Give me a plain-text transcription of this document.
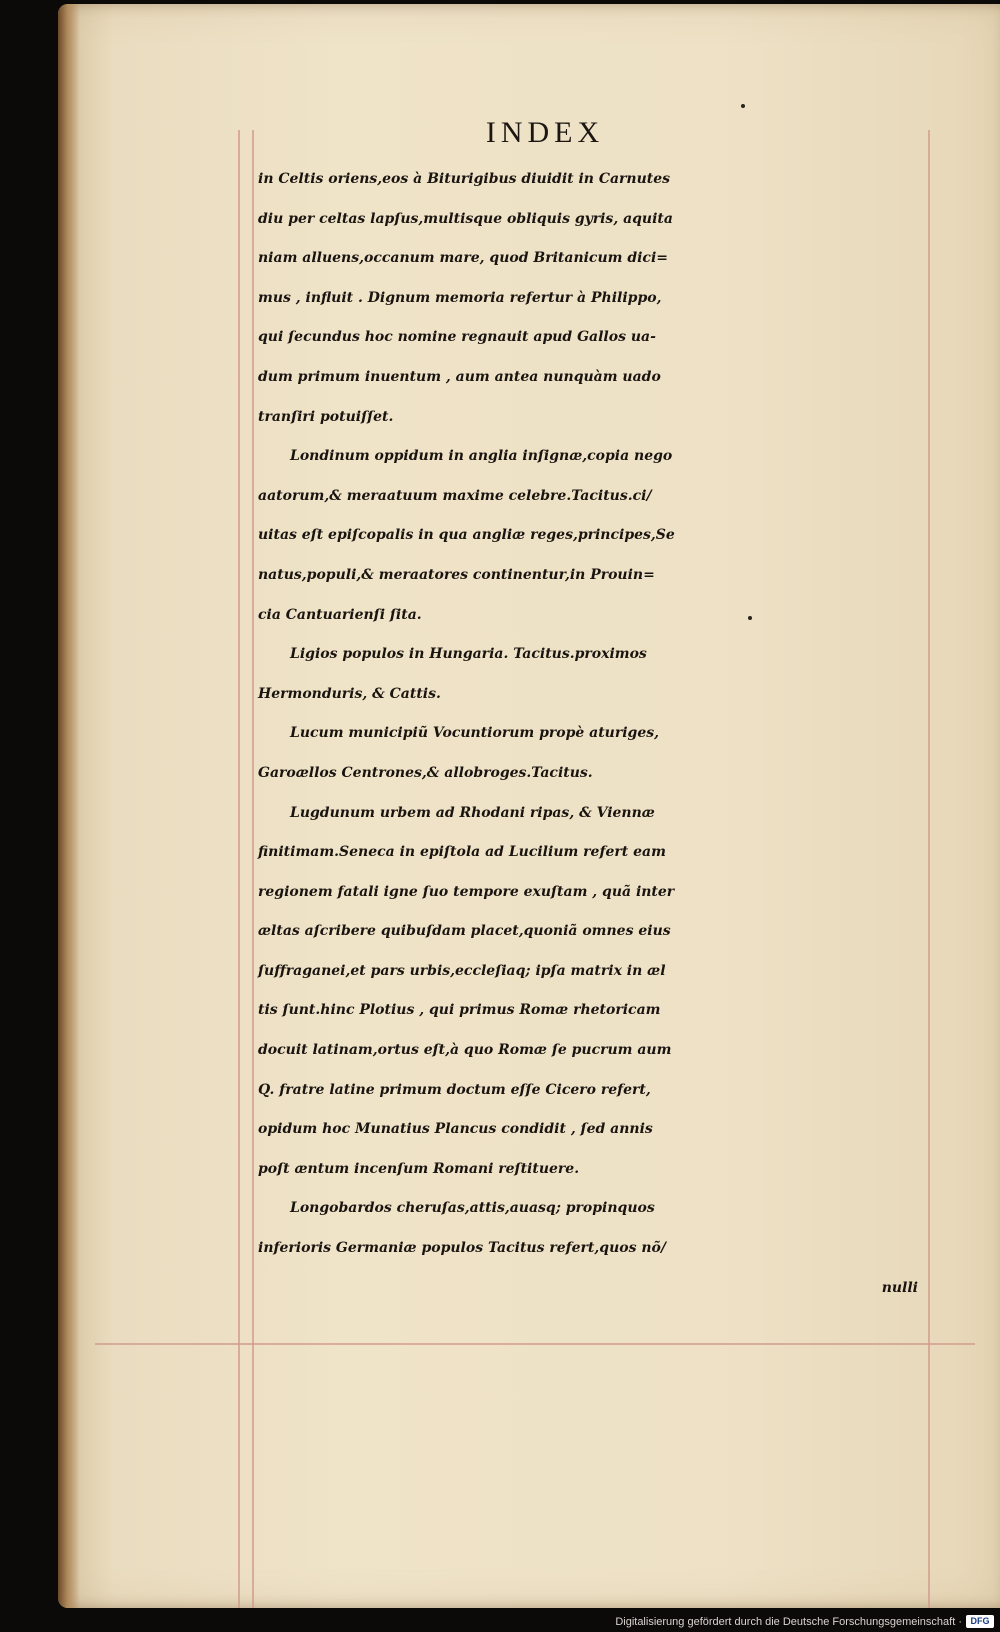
INDEX
in Celtis oriens,eos à Biturigibus diuidit in Carnutes
diu per celtas lapſus,multisque obliquis gyris, aquita
niam alluens,occanum mare, quod Britanicum dici=
mus , influit . Dignum memoria refertur à Philippo,
qui ſecundus hoc nomine regnauit apud Gallos ua-
dum primum inuentum , aum antea nunquàm uado
tranſiri potuiſſet.
Londinum oppidum in anglia inſignæ,copia nego
aatorum,& meraatuum maxime celebre.Tacitus.ci/
uitas eſt epiſcopalis in qua angliæ reges,principes,Se
natus,populi,& meraatores continentur,in Prouin=
cia Cantuarienſi ſita.
Ligios populos in Hungaria. Tacitus.proximos
Hermonduris, & Cattis.
Lucum municipiũ Vocuntiorum propè aturiges,
Garoællos Centrones,& allobroges.Tacitus.
Lugdunum urbem ad Rhodani ripas, & Viennæ
finitimam.Seneca in epiſtola ad Lucilium refert eam
regionem fatali igne ſuo tempore exuſtam , quã inter
æltas aſcribere quibuſdam placet,quoniã omnes eius
ſuffraganei,et pars urbis,eccleſiaq; ipſa matrix in æl
tis ſunt.hinc Plotius , qui primus Romæ rhetoricam
docuit latinam,ortus eſt,à quo Romæ ſe pucrum aum
Q. fratre latine primum doctum eſſe Cicero refert,
opidum hoc Munatius Plancus condidit , ſed annis
poſt æntum incenſum Romani reſtituere.
Longobardos cheruſas,attis,auasq; propinquos
inferioris Germaniæ populos Tacitus refert,quos nõ/
nulli
Digitalisierung gefördert durch die Deutsche Forschungsgemeinschaft · DFG
